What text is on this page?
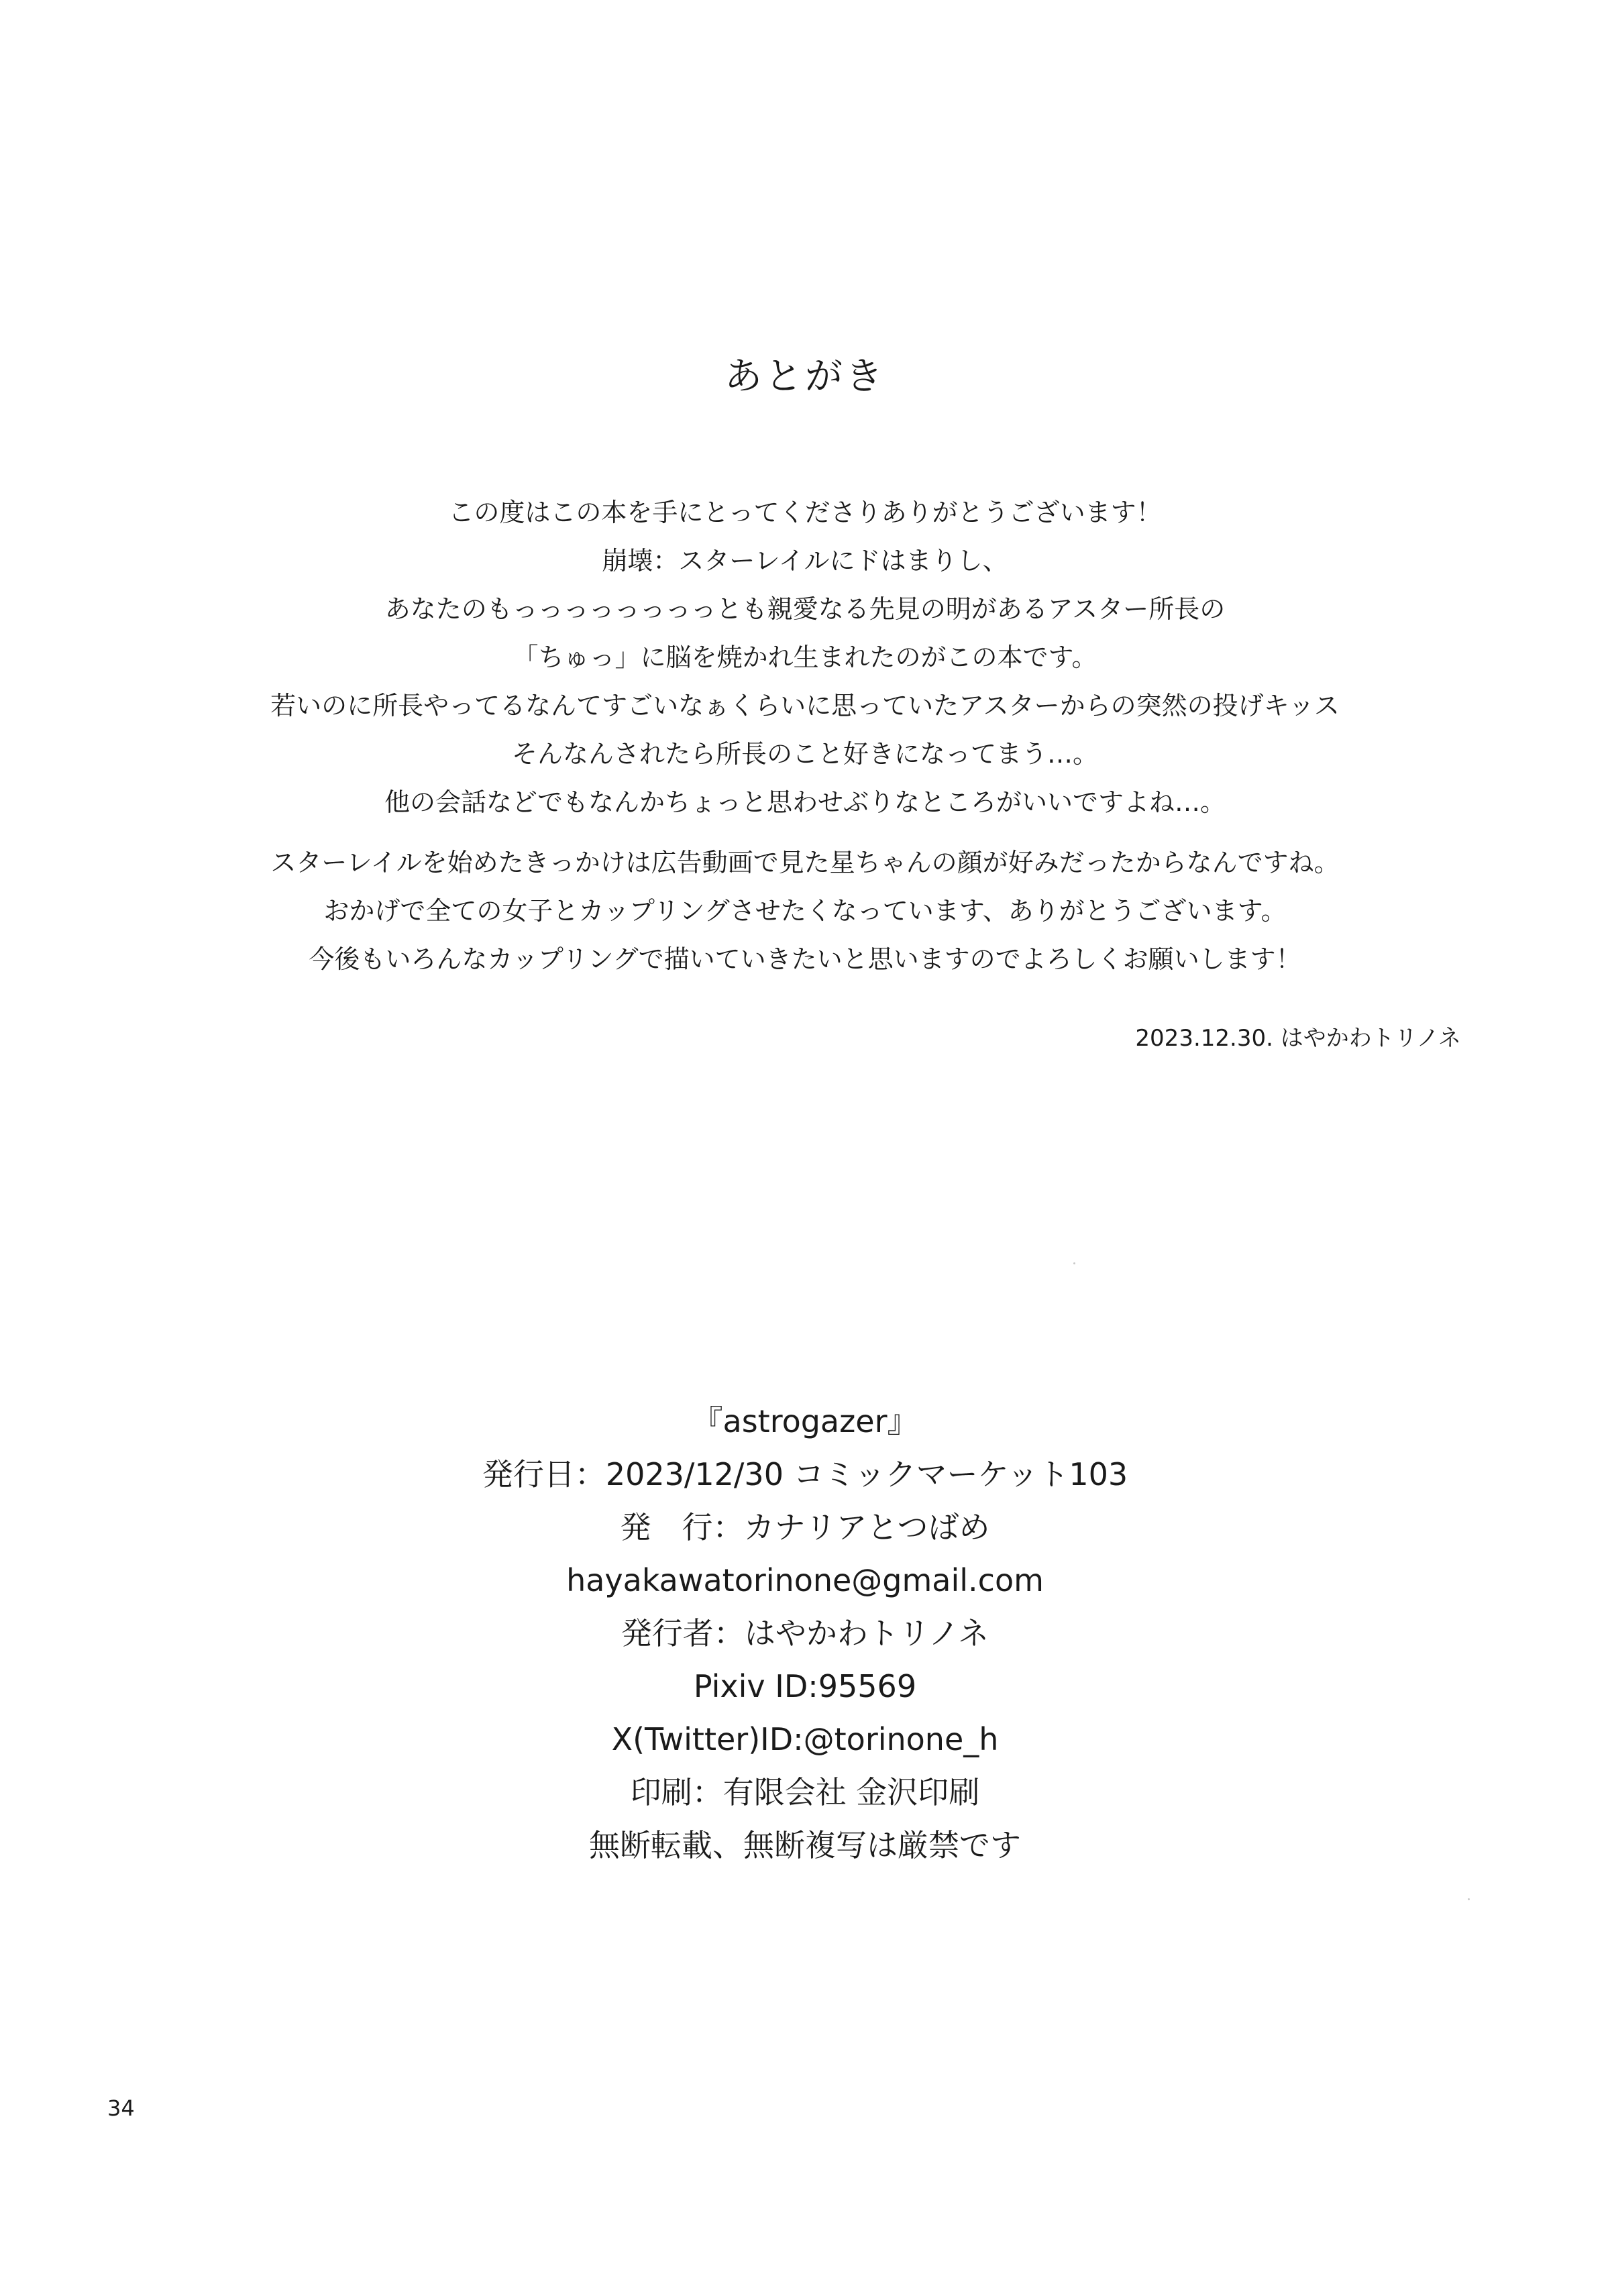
あとがき
この度はこの本を手にとってくださりありがとうございます！
崩壊：スターレイルにドはまりし、
あなたのもっっっっっっっっとも親愛なる先見の明があるアスター所長の
「ちゅっ」に脳を焼かれ生まれたのがこの本です。
若いのに所長やってるなんてすごいなぁくらいに思っていたアスターからの突然の投げキッス
そんなんされたら所長のこと好きになってまう…。
他の会話などでもなんかちょっと思わせぶりなところがいいですよね…。
スターレイルを始めたきっかけは広告動画で見た星ちゃんの顔が好みだったからなんですね。
おかげで全ての女子とカップリングさせたくなっています、ありがとうございます。
今後もいろんなカップリングで描いていきたいと思いますのでよろしくお願いします！
2023.12.30. はやかわトリノネ
『astrogazer』
発行日：2023/12/30 コミックマーケット103
発　行：カナリアとつばめ
hayakawatorinone@gmail.com
発行者：はやかわトリノネ
Pixiv ID:95569
X(Twitter)ID:@torinone_h
印刷：有限会社 金沢印刷
無断転載、無断複写は厳禁です
34
